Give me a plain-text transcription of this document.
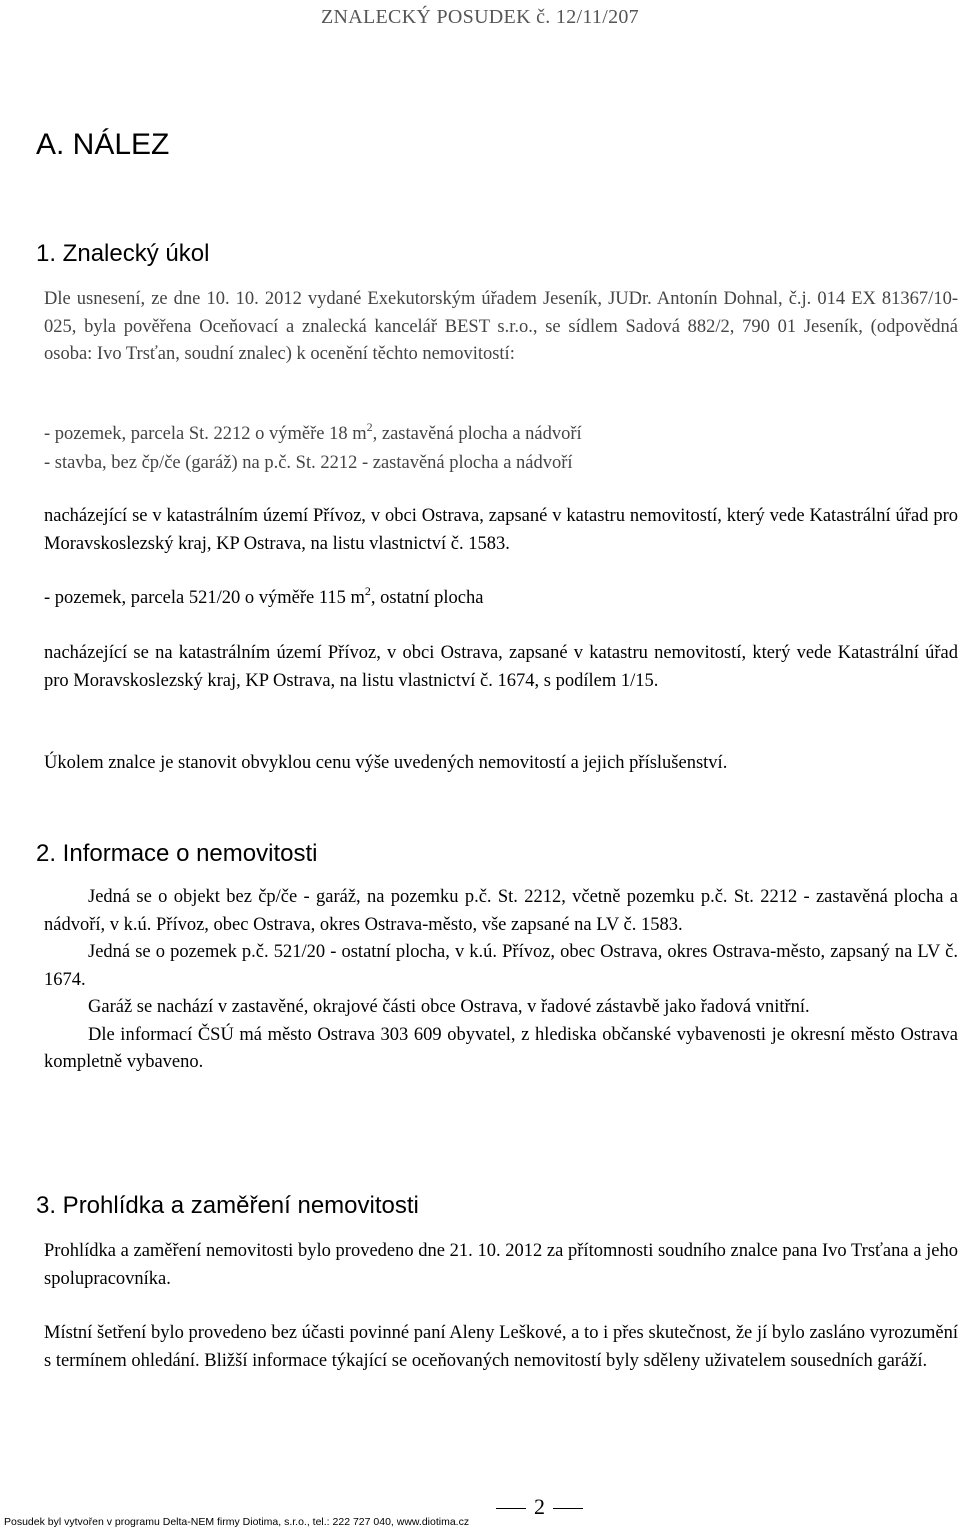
ZNALECKÝ POSUDEK č. 12/11/207
A. NÁLEZ
1. Znalecký úkol

Dle usnesení, ze dne 10. 10. 2012 vydané Exekutorským úřadem Jeseník, JUDr. Antonín Dohnal, č.j. 014 EX 81367/10-025, byla pověřena Oceňovací a znalecká kancelář BEST s.r.o., se sídlem Sadová 882/2, 790 01 Jeseník, (odpovědná osoba: Ivo Trsťan, soudní znalec) k ocenění těchto nemovitostí:

- pozemek, parcela St. 2212 o výměře 18 $m^2$, zastavěná plocha a nádvoří
- stavba, bez čp/če (garáž) na p.č. St. 2212 - zastavěná plocha a nádvoří

nacházející se v katastrálním území Přívoz, v obci Ostrava, zapsané v katastru nemovitostí, který vede Katastrální úřad pro Moravskoslezský kraj, KP Ostrava, na listu vlastnictví č. 1583.

- pozemek, parcela 521/20 o výměře 115 $m^2$, ostatní plocha

nacházející se na katastrálním území Přívoz, v obci Ostrava, zapsané v katastru nemovitostí, který vede Katastrální úřad pro Moravskoslezský kraj, KP Ostrava, na listu vlastnictví č. 1674, s podílem 1/15.

Úkolem znalce je stanovit obvyklou cenu výše uvedených nemovitostí a jejich příslušenství.

2. Informace o nemovitosti
Jedná se o objekt bez čp/če - garáž, na pozemku p.č. St. 2212, včetně pozemku p.č. St. 2212 - zastavěná plocha a nádvoří, v k.ú. Přívoz, obec Ostrava, okres Ostrava-město, vše zapsané na LV č. 1583.
Jedná se o pozemek p.č. 521/20 - ostatní plocha, v k.ú. Přívoz, obec Ostrava, okres Ostrava-město, zapsaný na LV č. 1674.
Garáž se nachází v zastavěné, okrajové části obce Ostrava, v řadové zástavbě jako řadová vnitřní.
Dle informací ČSÚ má město Ostrava 303 609 obyvatel, z hlediska občanské vybavenosti je okresní město Ostrava kompletně vybaveno.
3. Prohlídka a zaměření nemovitosti

Prohlídka a zaměření nemovitosti bylo provedeno dne 21. 10. 2012 za přítomnosti soudního znalce pana Ivo Trsťana a jeho spolupracovníka.

Místní šetření bylo provedeno bez účasti povinné paní Aleny Leškové, a to i přes skutečnost, že jí bylo zasláno vyrozumění s termínem ohledání. Bližší informace týkající se oceňovaných nemovitostí byly sděleny uživatelem sousedních garáží.

2
Posudek byl vytvořen v programu Delta-NEM firmy Diotima, s.r.o., tel.: 222 727 040, www.diotima.cz
